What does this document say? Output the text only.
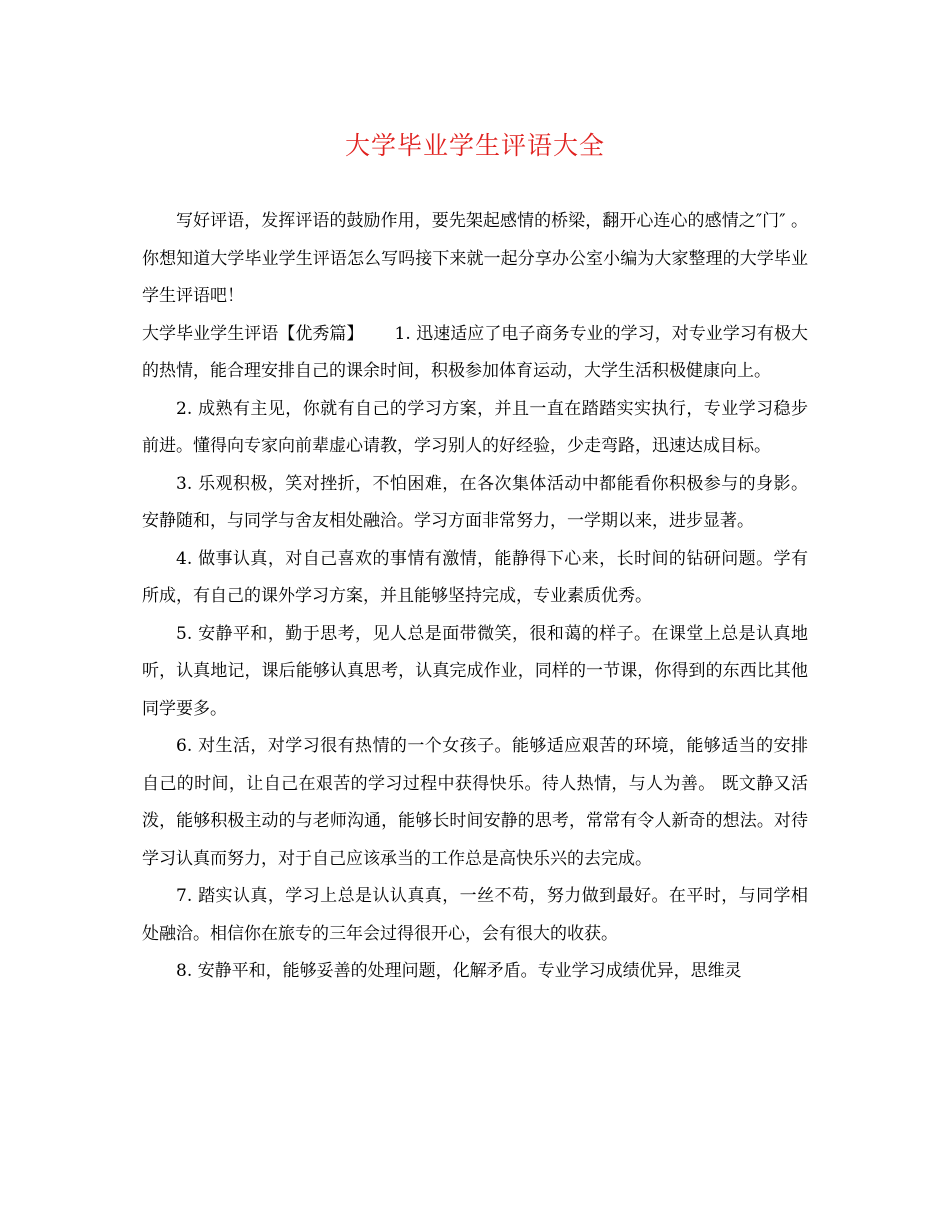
大学毕业学生评语大全

写好评语，发挥评语的鼓励作用，要先架起感情的桥梁，翻开心连心的感情之″门″ 。你想知道大学毕业学生评语怎么写吗接下来就一起分享办公室小编为大家整理的大学毕业学生评语吧！

大学毕业学生评语【优秀篇】　　 1. 迅速适应了电子商务专业的学习，对专业学习有极大的热情，能合理安排自己的课余时间，积极参加体育运动，大学生活积极健康向上。

2. 成熟有主见，你就有自己的学习方案，并且一直在踏踏实实执行，专业学习稳步前进。懂得向专家向前辈虚心请教，学习别人的好经验，少走弯路，迅速达成目标。

3. 乐观积极，笑对挫折，不怕困难，在各次集体活动中都能看你积极参与的身影。安静随和，与同学与舍友相处融洽。学习方面非常努力，一学期以来，进步显著。

4. 做事认真，对自己喜欢的事情有激情，能静得下心来，长时间的钻研问题。学有所成，有自己的课外学习方案，并且能够坚持完成，专业素质优秀。

5. 安静平和，勤于思考，见人总是面带微笑，很和蔼的样子。在课堂上总是认真地听，认真地记，课后能够认真思考，认真完成作业，同样的一节课，你得到的东西比其他同学要多。

6. 对生活，对学习很有热情的一个女孩子。能够适应艰苦的环境，能够适当的安排自己的时间，让自己在艰苦的学习过程中获得快乐。待人热情，与人为善。 既文静又活泼，能够积极主动的与老师沟通，能够长时间安静的思考，常常有令人新奇的想法。对待学习认真而努力，对于自己应该承当的工作总是高快乐兴的去完成。

7. 踏实认真，学习上总是认认真真，一丝不苟，努力做到最好。在平时，与同学相处融洽。相信你在旅专的三年会过得很开心，会有很大的收获。

8. 安静平和，能够妥善的处理问题，化解矛盾。专业学习成绩优异，思维灵
